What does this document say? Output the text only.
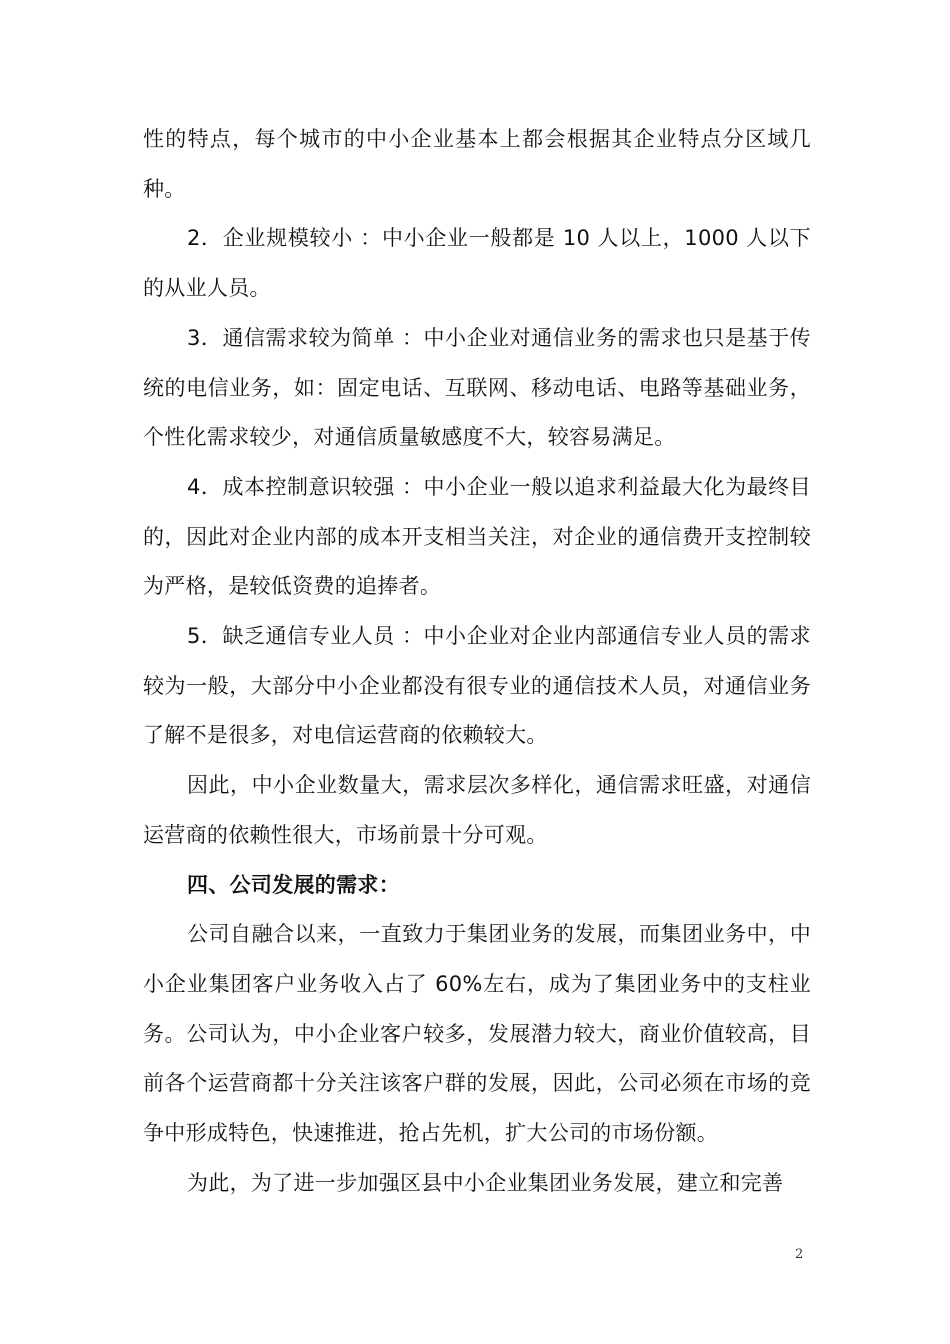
性的特点，每个城市的中小企业基本上都会根据其企业特点分区域几种。

2．企业规模较小 ：中小企业一般都是 10 人以上，1000 人以下的从业人员。

3．通信需求较为简单 ：中小企业对通信业务的需求也只是基于传统的电信业务，如：固定电话、互联网、移动电话、电路等基础业务，个性化需求较少，对通信质量敏感度不大，较容易满足。

4．成本控制意识较强 ：中小企业一般以追求利益最大化为最终目的，因此对企业内部的成本开支相当关注，对企业的通信费开支控制较为严格，是较低资费的追捧者。

5．缺乏通信专业人员 ：中小企业对企业内部通信专业人员的需求较为一般，大部分中小企业都没有很专业的通信技术人员，对通信业务了解不是很多，对电信运营商的依赖较大。

因此，中小企业数量大，需求层次多样化，通信需求旺盛，对通信运营商的依赖性很大，市场前景十分可观。

四、公司发展的需求：

公司自融合以来，一直致力于集团业务的发展，而集团业务中，中小企业集团客户业务收入占了 60%左右，成为了集团业务中的支柱业务。公司认为，中小企业客户较多，发展潜力较大，商业价值较高，目前各个运营商都十分关注该客户群的发展，因此，公司必须在市场的竞争中形成特色，快速推进，抢占先机，扩大公司的市场份额。

为此，为了进一步加强区县中小企业集团业务发展，建立和完善

2
